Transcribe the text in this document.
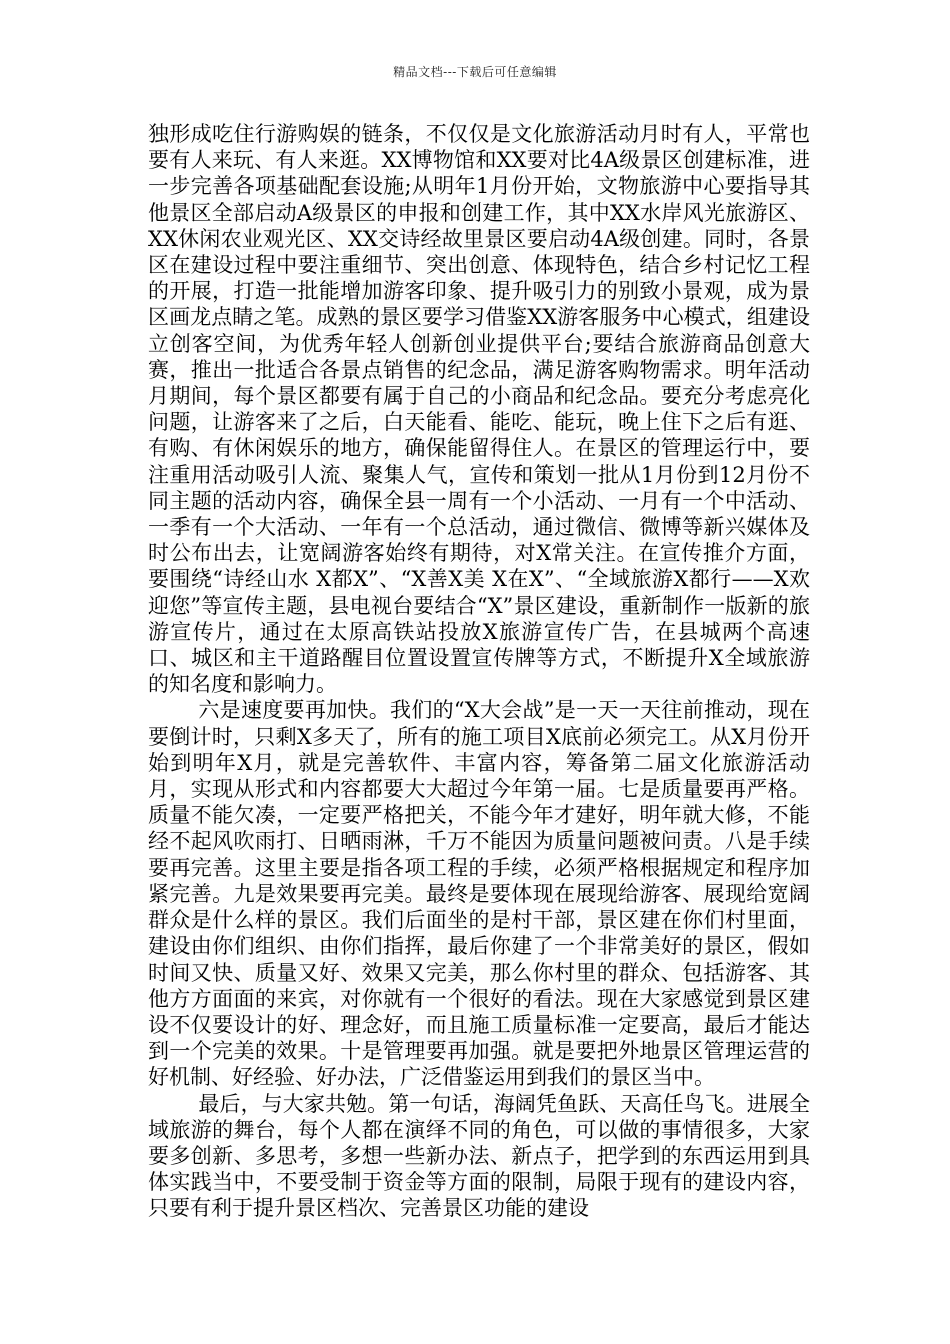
精品文档---下载后可任意编辑

独形成吃住行游购娱的链条，不仅仅是文化旅游活动月时有人，平常也要有人来玩、有人来逛。XX博物馆和XX要对比4A级景区创建标准，进一步完善各项基础配套设施;从明年1月份开始，文物旅游中心要指导其他景区全部启动A级景区的申报和创建工作，其中XX水岸风光旅游区、XX休闲农业观光区、XX交诗经故里景区要启动4A级创建。同时，各景区在建设过程中要注重细节、突出创意、体现特色，结合乡村记忆工程的开展，打造一批能增加游客印象、提升吸引力的别致小景观，成为景区画龙点睛之笔。成熟的景区要学习借鉴XX游客服务中心模式，组建设立创客空间，为优秀年轻人创新创业提供平台;要结合旅游商品创意大赛，推出一批适合各景点销售的纪念品，满足游客购物需求。明年活动月期间，每个景区都要有属于自己的小商品和纪念品。要充分考虑亮化问题，让游客来了之后，白天能看、能吃、能玩，晚上住下之后有逛、有购、有休闲娱乐的地方，确保能留得住人。在景区的管理运行中，要注重用活动吸引人流、聚集人气，宣传和策划一批从1月份到12月份不同主题的活动内容，确保全县一周有一个小活动、一月有一个中活动、一季有一个大活动、一年有一个总活动，通过微信、微博等新兴媒体及时公布出去，让宽阔游客始终有期待，对X常关注。在宣传推介方面，要围绕“诗经山水 X都X”、“X善X美 X在X”、“全域旅游X都行——X欢迎您”等宣传主题，县电视台要结合“X”景区建设，重新制作一版新的旅游宣传片，通过在太原高铁站投放X旅游宣传广告，在县城两个高速口、城区和主干道路醒目位置设置宣传牌等方式，不断提升X全域旅游的知名度和影响力。

六是速度要再加快。我们的“X大会战”是一天一天往前推动，现在要倒计时，只剩X多天了，所有的施工项目X底前必须完工。从X月份开始到明年X月，就是完善软件、丰富内容，筹备第二届文化旅游活动月，实现从形式和内容都要大大超过今年第一届。七是质量要再严格。质量不能欠凑，一定要严格把关，不能今年才建好，明年就大修，不能经不起风吹雨打、日晒雨淋，千万不能因为质量问题被问责。八是手续要再完善。这里主要是指各项工程的手续，必须严格根据规定和程序加紧完善。九是效果要再完美。最终是要体现在展现给游客、展现给宽阔群众是什么样的景区。我们后面坐的是村干部，景区建在你们村里面，建设由你们组织、由你们指挥，最后你建了一个非常美好的景区，假如时间又快、质量又好、效果又完美，那么你村里的群众、包括游客、其他方方面面的来宾，对你就有一个很好的看法。现在大家感觉到景区建设不仅要设计的好、理念好，而且施工质量标准一定要高，最后才能达到一个完美的效果。十是管理要再加强。就是要把外地景区管理运营的好机制、好经验、好办法，广泛借鉴运用到我们的景区当中。

最后，与大家共勉。第一句话，海阔凭鱼跃、天高任鸟飞。进展全域旅游的舞台，每个人都在演绎不同的角色，可以做的事情很多，大家要多创新、多思考，多想一些新办法、新点子，把学到的东西运用到具体实践当中，不要受制于资金等方面的限制，局限于现有的建设内容，只要有利于提升景区档次、完善景区功能的建设
